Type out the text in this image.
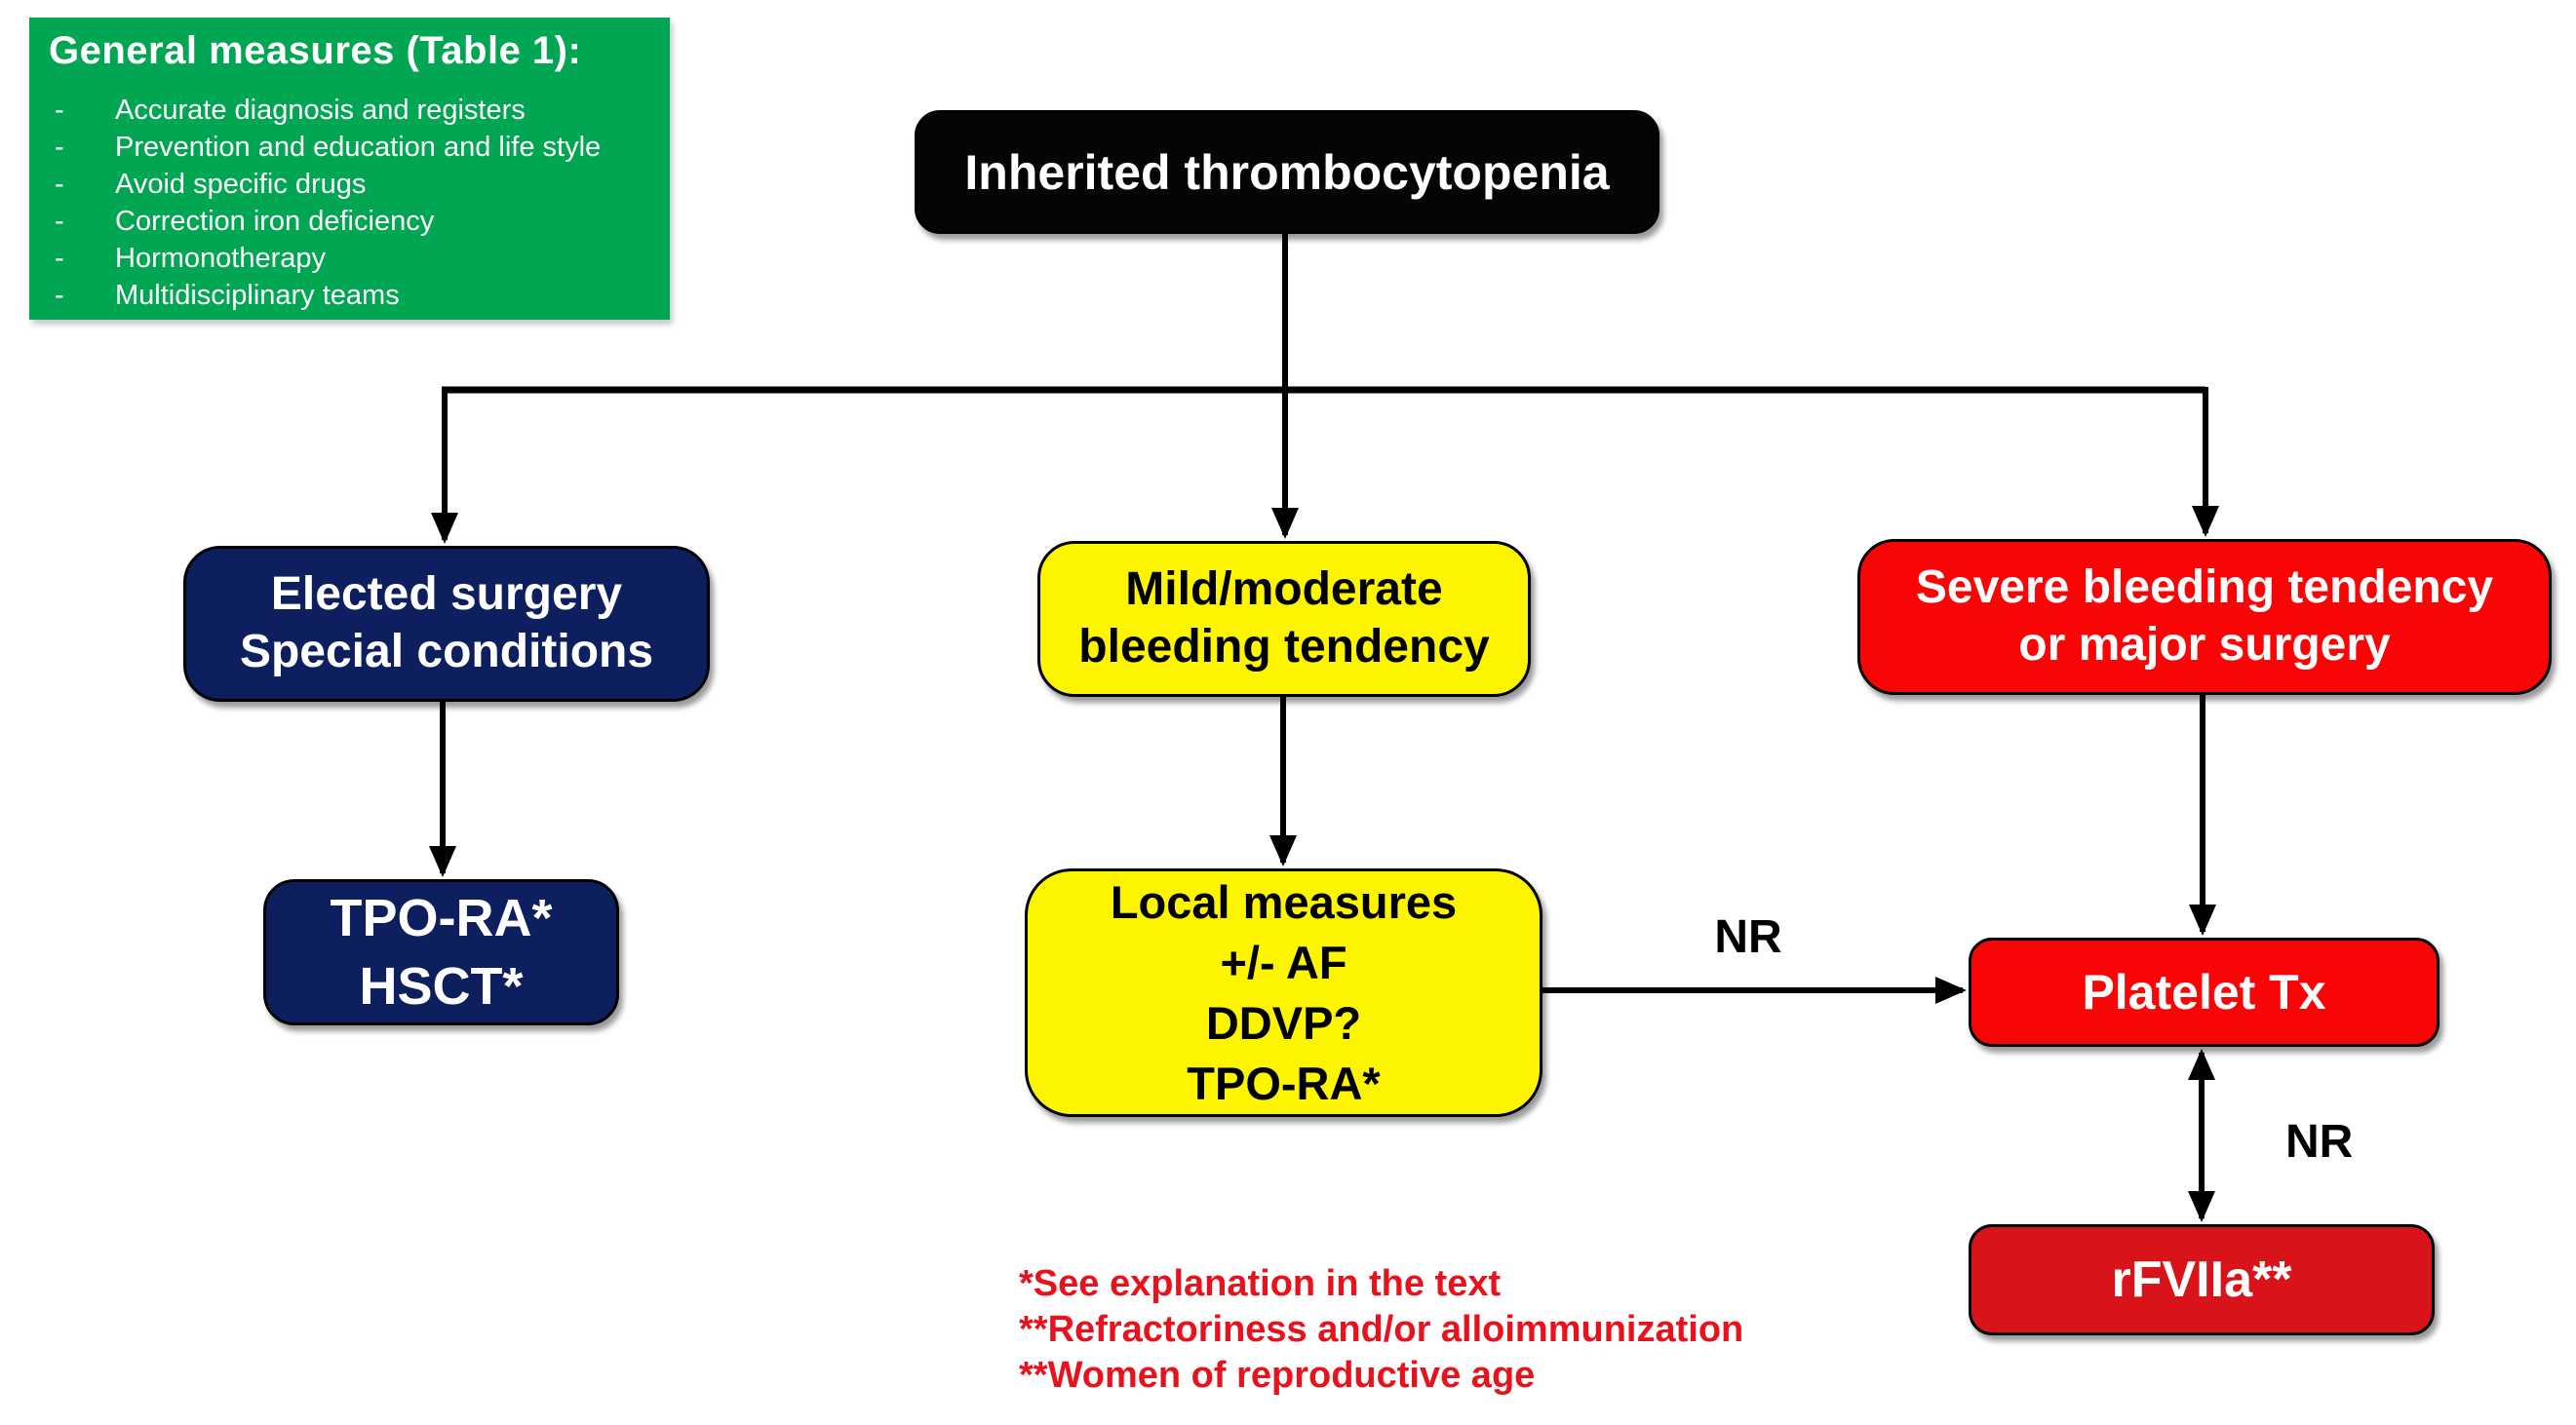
General measures (Table 1):
-	Accurate diagnosis and registers
-	Prevention and education and life style
-	Avoid specific drugs
-	Correction iron deficiency
-	Hormonotherapy
-	Multidisciplinary teams
Inherited thrombocytopenia
Elected surgery
Special conditions
Mild/moderate
bleeding tendency
Severe bleeding tendency
or major surgery
TPO-RA*
HSCT*
Local measures
+/- AF
DDVP?
TPO-RA*
Platelet Tx
rFVIIa**
NR
NR
*See explanation in the text
**Refractoriness and/or alloimmunization
**Women of reproductive age
